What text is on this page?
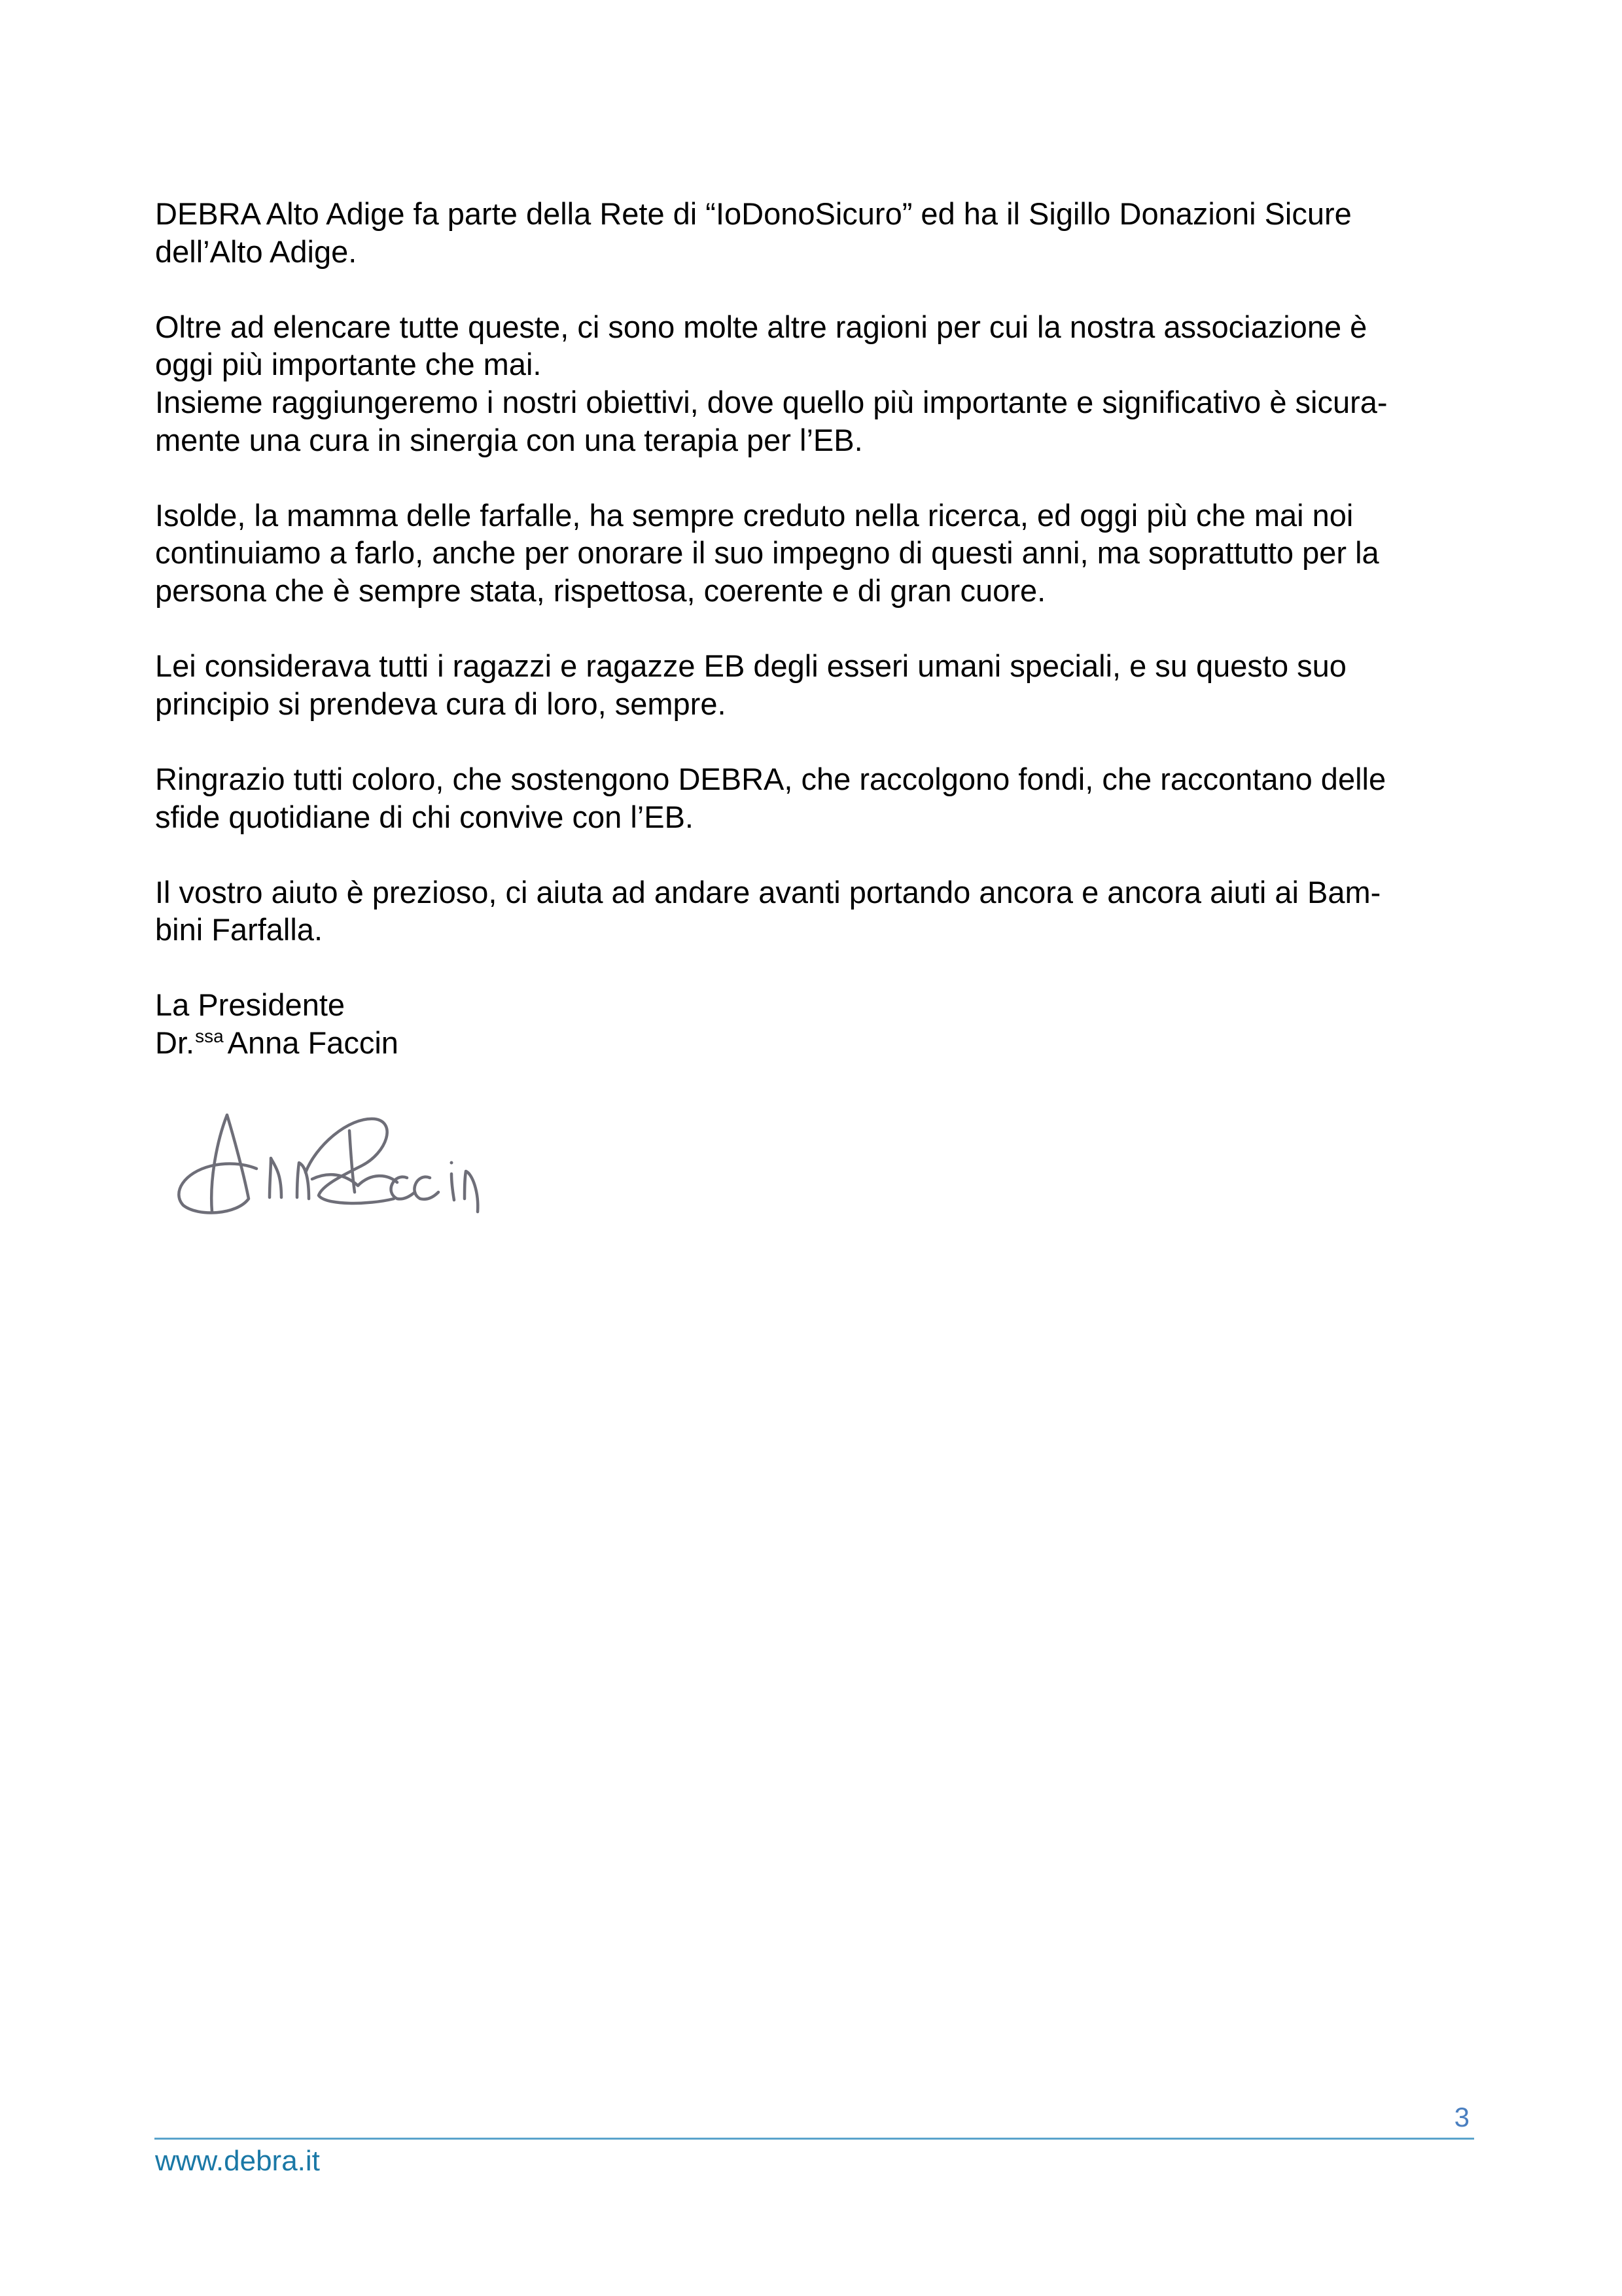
DEBRA Alto Adige fa parte della Rete di “IoDonoSicuro” ed ha il Sigillo Donazioni Sicure
dell’Alto Adige.

Oltre ad elencare tutte queste, ci sono molte altre ragioni per cui la nostra associazione è
oggi più importante che mai.
Insieme raggiungeremo i nostri obiettivi, dove quello più importante e significativo è sicura-
mente una cura in sinergia con una terapia per l’EB.

Isolde, la mamma delle farfalle, ha sempre creduto nella ricerca, ed oggi più che mai noi
continuiamo a farlo, anche per onorare il suo impegno di questi anni, ma soprattutto per la
persona che è sempre stata, rispettosa, coerente e di gran cuore.

Lei considerava tutti i ragazzi e ragazze EB degli esseri umani speciali, e su questo suo
principio si prendeva cura di loro, sempre.

Ringrazio tutti coloro, che sostengono DEBRA, che raccolgono fondi, che raccontano delle
sfide quotidiane di chi convive con l’EB.

Il vostro aiuto è prezioso, ci aiuta ad andare avanti portando ancora e ancora aiuti ai Bam-
bini Farfalla.

La Presidente
Dr.$^{ssa}$ Anna Faccin

3
www.debra.it
